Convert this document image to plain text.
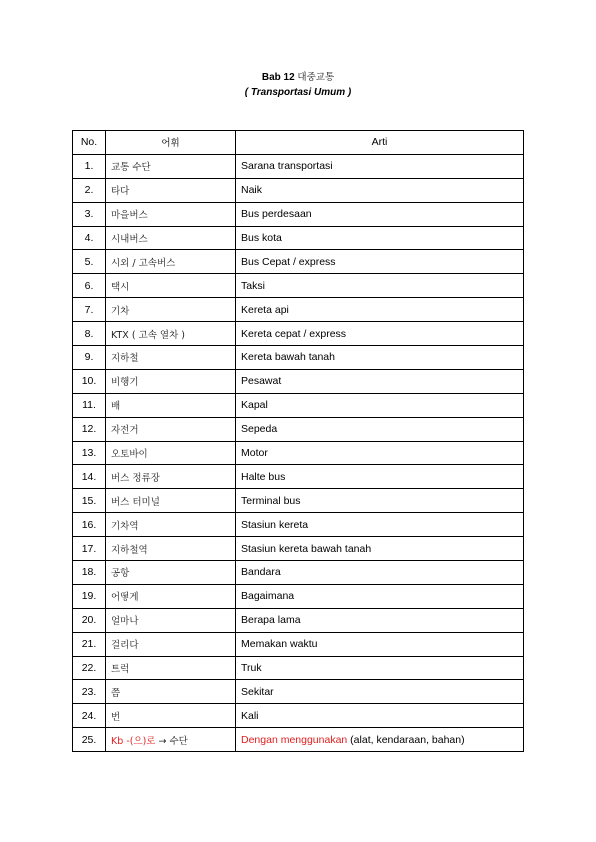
Bab 12 대중교통
( Transportasi Umum )
No.	어휘	Arti
1.	교통 수단	Sarana transportasi
2.	타다	Naik
3.	마을버스	Bus perdesaan
4.	시내버스	Bus kota
5.	시외 / 고속버스	Bus Cepat / express
6.	택시	Taksi
7.	기차	Kereta api
8.	KTX ( 고속 열차 )	Kereta cepat / express
9.	지하철	Kereta bawah tanah
10.	비행기	Pesawat
11.	배	Kapal
12.	자전거	Sepeda
13.	오토바이	Motor
14.	버스 정류장	Halte bus
15.	버스 터미널	Terminal bus
16.	기차역	Stasiun kereta
17.	지하철역	Stasiun kereta bawah tanah
18.	공항	Bandara
19.	어떻게	Bagaimana
20.	얼마나	Berapa lama
21.	걸리다	Memakan waktu
22.	트럭	Truk
23.	쯤	Sekitar
24.	번	Kali
25.	Kb -(으)로 → 수단	Dengan menggunakan (alat, kendaraan, bahan)
